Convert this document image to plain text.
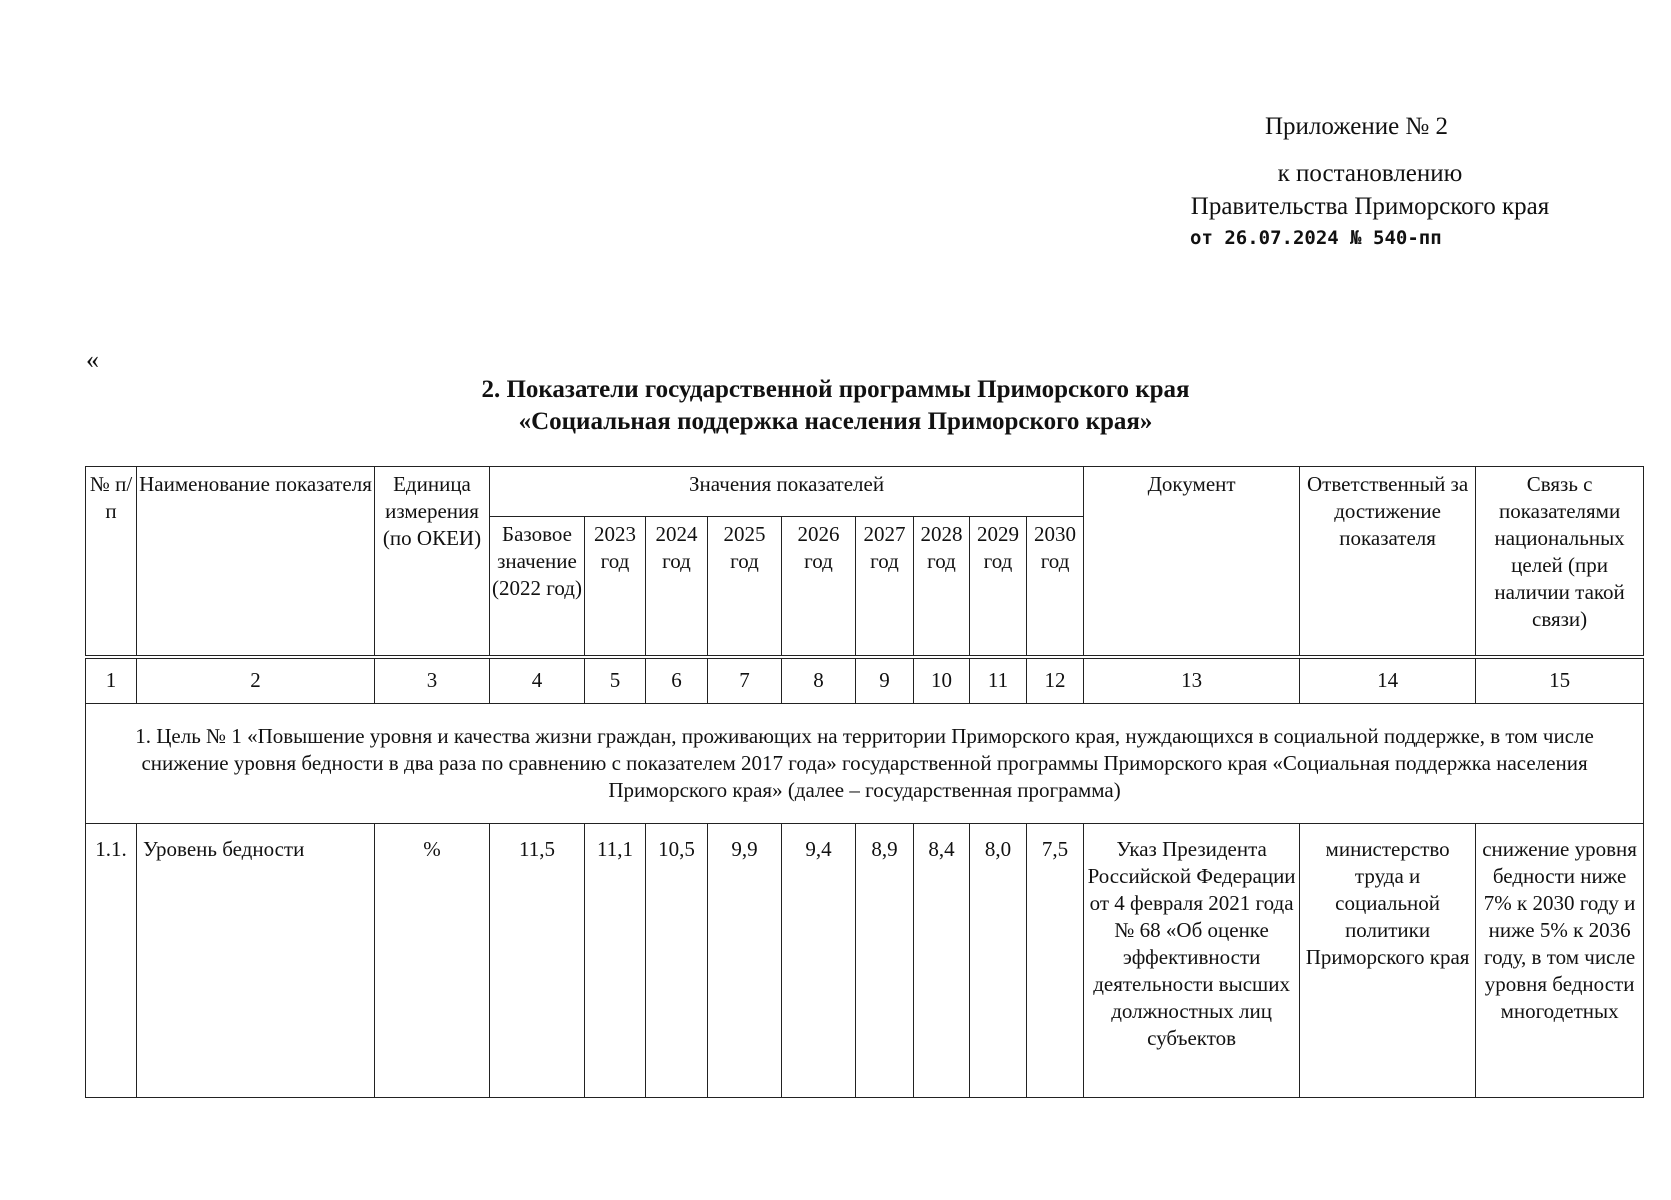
Приложение № 2
к постановлению
Правительства Приморского края
от 26.07.2024 № 540-пп
«
2. Показатели государственной программы Приморского края
«Социальная поддержка населения Приморского края»
№ п/п	Наименование показателя	Единица измерения (по ОКЕИ)	Значения показателей									Документ	Ответственный за достижение показателя	Связь с показателями национальных целей (при наличии такой связи)
			Базовое значение (2022 год)	2023 год	2024 год	2025 год	2026 год	2027 год	2028 год	2029 год	2030 год			
1	2	3	4	5	6	7	8	9	10	11	12	13	14	15
1. Цель № 1 «Повышение уровня и качества жизни граждан, проживающих на территории Приморского края, нуждающихся в социальной поддержке, в том числе снижение уровня бедности в два раза по сравнению с показателем 2017 года» государственной программы Приморского края «Социальная поддержка населения Приморского края» (далее – государственная программа)														
1.1.	Уровень бедности	%	11,5	11,1	10,5	9,9	9,4	8,9	8,4	8,0	7,5	Указ Президента Российской Федерации от 4 февраля 2021 года № 68 «Об оценке эффективности деятельности высших должностных лиц субъектов	министерство труда и социальной политики Приморского края	снижение уровня бедности ниже 7% к 2030 году и ниже 5% к 2036 году, в том числе уровня бедности многодетных
